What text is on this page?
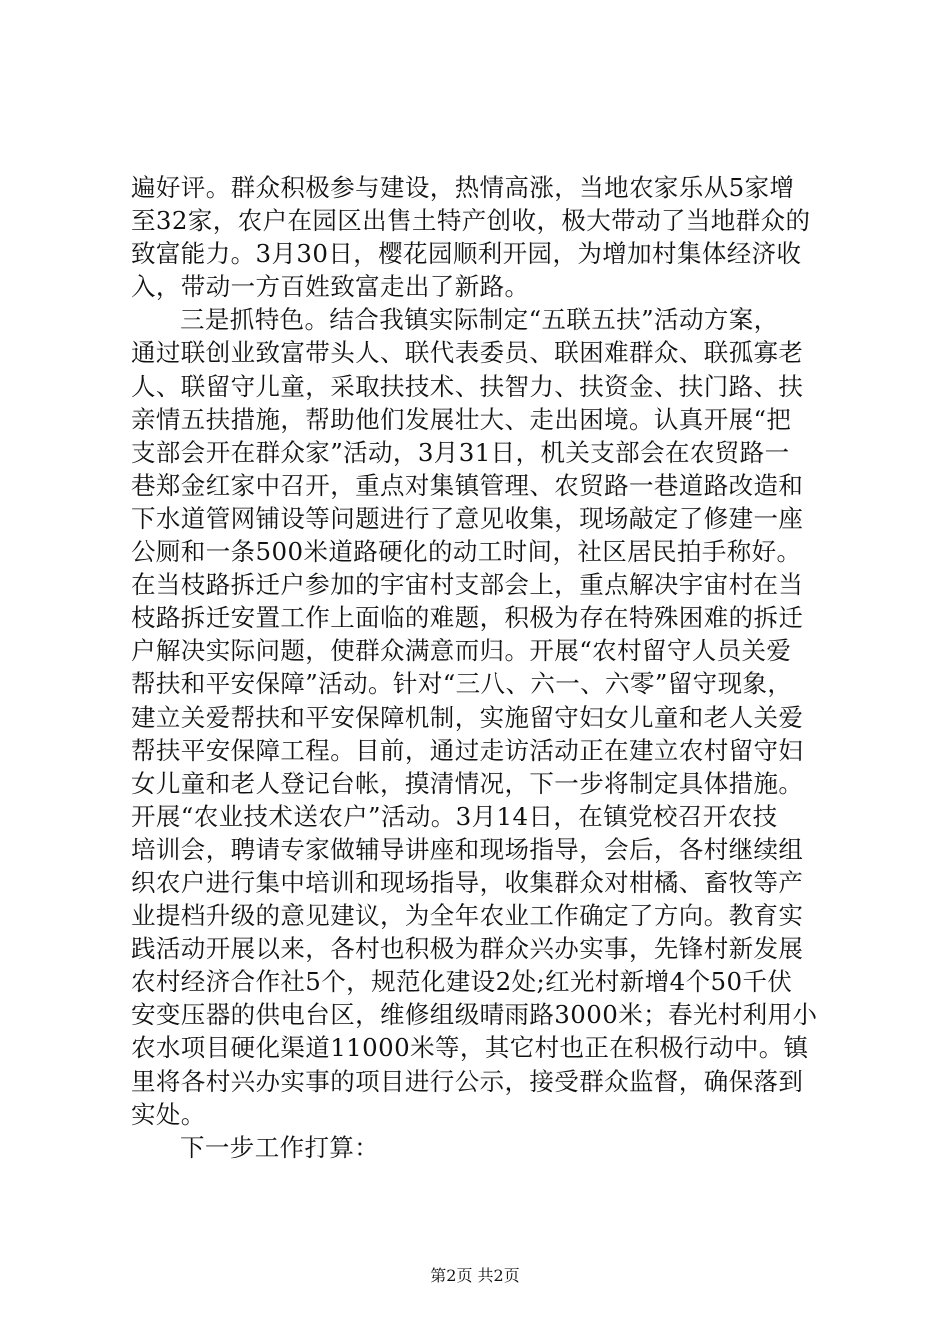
遍好评。群众积极参与建设，热情高涨，当地农家乐从5家增
至32家，农户在园区出售土特产创收，极大带动了当地群众的
致富能力。3月30日，樱花园顺利开园，为增加村集体经济收
入，带动一方百姓致富走出了新路。
三是抓特色。结合我镇实际制定“五联五扶”活动方案，
通过联创业致富带头人、联代表委员、联困难群众、联孤寡老
人、联留守儿童，采取扶技术、扶智力、扶资金、扶门路、扶
亲情五扶措施，帮助他们发展壮大、走出困境。认真开展“把
支部会开在群众家”活动，3月31日，机关支部会在农贸路一
巷郑金红家中召开，重点对集镇管理、农贸路一巷道路改造和
下水道管网铺设等问题进行了意见收集，现场敲定了修建一座
公厕和一条500米道路硬化的动工时间，社区居民拍手称好。
在当枝路拆迁户参加的宇宙村支部会上，重点解决宇宙村在当
枝路拆迁安置工作上面临的难题，积极为存在特殊困难的拆迁
户解决实际问题，使群众满意而归。开展“农村留守人员关爱
帮扶和平安保障”活动。针对“三八、六一、六零”留守现象，
建立关爱帮扶和平安保障机制，实施留守妇女儿童和老人关爱
帮扶平安保障工程。目前，通过走访活动正在建立农村留守妇
女儿童和老人登记台帐，摸清情况，下一步将制定具体措施。
开展“农业技术送农户”活动。3月14日，在镇党校召开农技
培训会，聘请专家做辅导讲座和现场指导，会后，各村继续组
织农户进行集中培训和现场指导，收集群众对柑橘、畜牧等产
业提档升级的意见建议，为全年农业工作确定了方向。教育实
践活动开展以来，各村也积极为群众兴办实事，先锋村新发展
农村经济合作社5个，规范化建设2处;红光村新增4个50千伏
安变压器的供电台区，维修组级晴雨路3000米；春光村利用小
农水项目硬化渠道11000米等，其它村也正在积极行动中。镇
里将各村兴办实事的项目进行公示，接受群众监督，确保落到
实处。
下一步工作打算：
第2页 共2页
